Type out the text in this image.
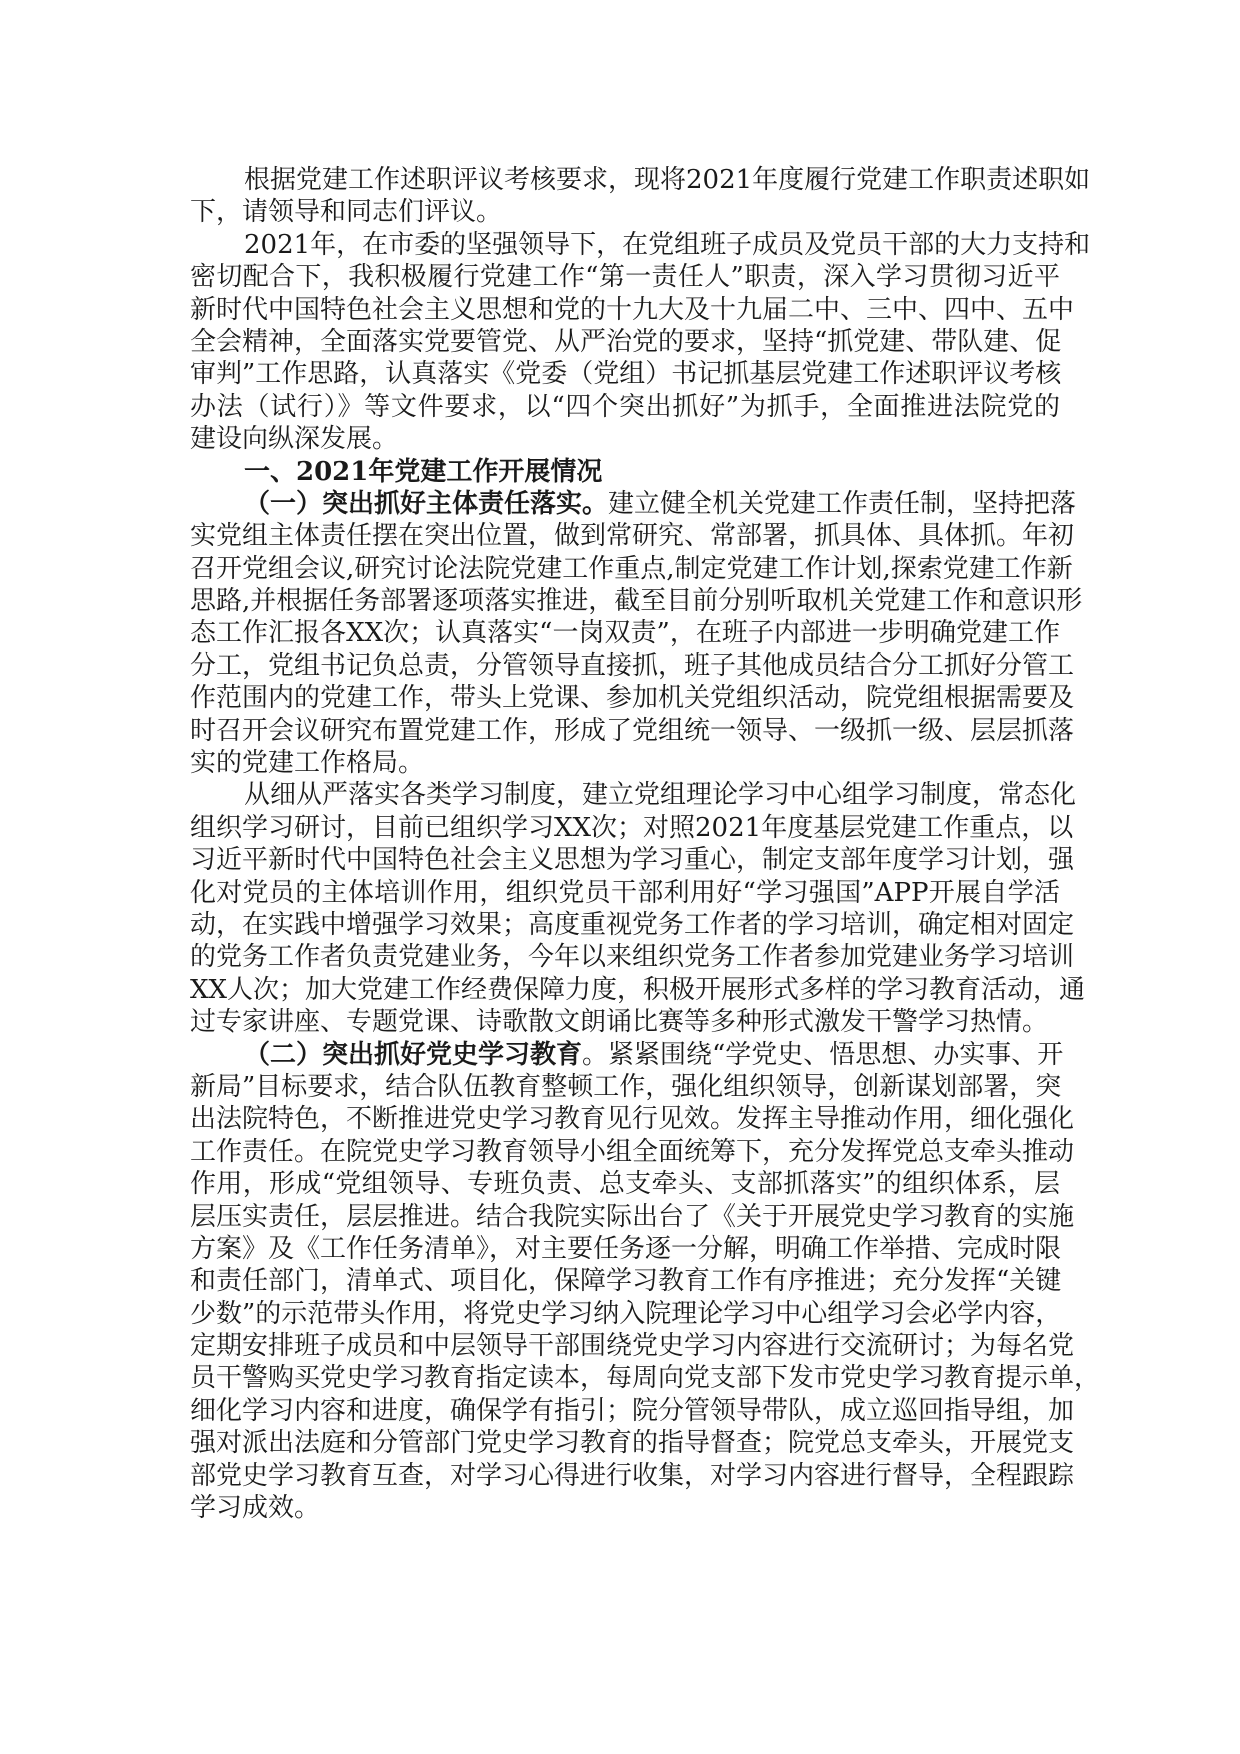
根据党建工作述职评议考核要求，现将2021年度履行党建工作职责述职如
下，请领导和同志们评议。
2021年，在市委的坚强领导下，在党组班子成员及党员干部的大力支持和
密切配合下，我积极履行党建工作“第一责任人”职责，深入学习贯彻习近平
新时代中国特色社会主义思想和党的十九大及十九届二中、三中、四中、五中
全会精神，全面落实党要管党、从严治党的要求，坚持“抓党建、带队建、促
审判”工作思路，认真落实《党委（党组）书记抓基层党建工作述职评议考核
办法（试行）》等文件要求，以“四个突出抓好”为抓手，全面推进法院党的
建设向纵深发展。
一、2021年党建工作开展情况
（一）突出抓好主体责任落实。建立健全机关党建工作责任制，坚持把落
实党组主体责任摆在突出位置，做到常研究、常部署，抓具体、具体抓。年初
召开党组会议,研究讨论法院党建工作重点,制定党建工作计划,探索党建工作新
思路,并根据任务部署逐项落实推进，截至目前分别听取机关党建工作和意识形
态工作汇报各XX次；认真落实“一岗双责”，在班子内部进一步明确党建工作
分工，党组书记负总责，分管领导直接抓，班子其他成员结合分工抓好分管工
作范围内的党建工作，带头上党课、参加机关党组织活动，院党组根据需要及
时召开会议研究布置党建工作，形成了党组统一领导、一级抓一级、层层抓落
实的党建工作格局。
从细从严落实各类学习制度，建立党组理论学习中心组学习制度，常态化
组织学习研讨，目前已组织学习XX次；对照2021年度基层党建工作重点，以
习近平新时代中国特色社会主义思想为学习重心，制定支部年度学习计划，强
化对党员的主体培训作用，组织党员干部利用好“学习强国”APP开展自学活
动，在实践中增强学习效果；高度重视党务工作者的学习培训，确定相对固定
的党务工作者负责党建业务，今年以来组织党务工作者参加党建业务学习培训
XX人次；加大党建工作经费保障力度，积极开展形式多样的学习教育活动，通
过专家讲座、专题党课、诗歌散文朗诵比赛等多种形式激发干警学习热情。
（二）突出抓好党史学习教育。紧紧围绕“学党史、悟思想、办实事、开
新局”目标要求，结合队伍教育整顿工作，强化组织领导，创新谋划部署，突
出法院特色，不断推进党史学习教育见行见效。发挥主导推动作用，细化强化
工作责任。在院党史学习教育领导小组全面统筹下，充分发挥党总支牵头推动
作用，形成“党组领导、专班负责、总支牵头、支部抓落实”的组织体系，层
层压实责任，层层推进。结合我院实际出台了《关于开展党史学习教育的实施
方案》及《工作任务清单》，对主要任务逐一分解，明确工作举措、完成时限
和责任部门，清单式、项目化，保障学习教育工作有序推进；充分发挥“关键
少数”的示范带头作用，将党史学习纳入院理论学习中心组学习会必学内容，
定期安排班子成员和中层领导干部围绕党史学习内容进行交流研讨；为每名党
员干警购买党史学习教育指定读本，每周向党支部下发市党史学习教育提示单，
细化学习内容和进度，确保学有指引；院分管领导带队，成立巡回指导组，加
强对派出法庭和分管部门党史学习教育的指导督查；院党总支牵头，开展党支
部党史学习教育互查，对学习心得进行收集，对学习内容进行督导，全程跟踪
学习成效。
